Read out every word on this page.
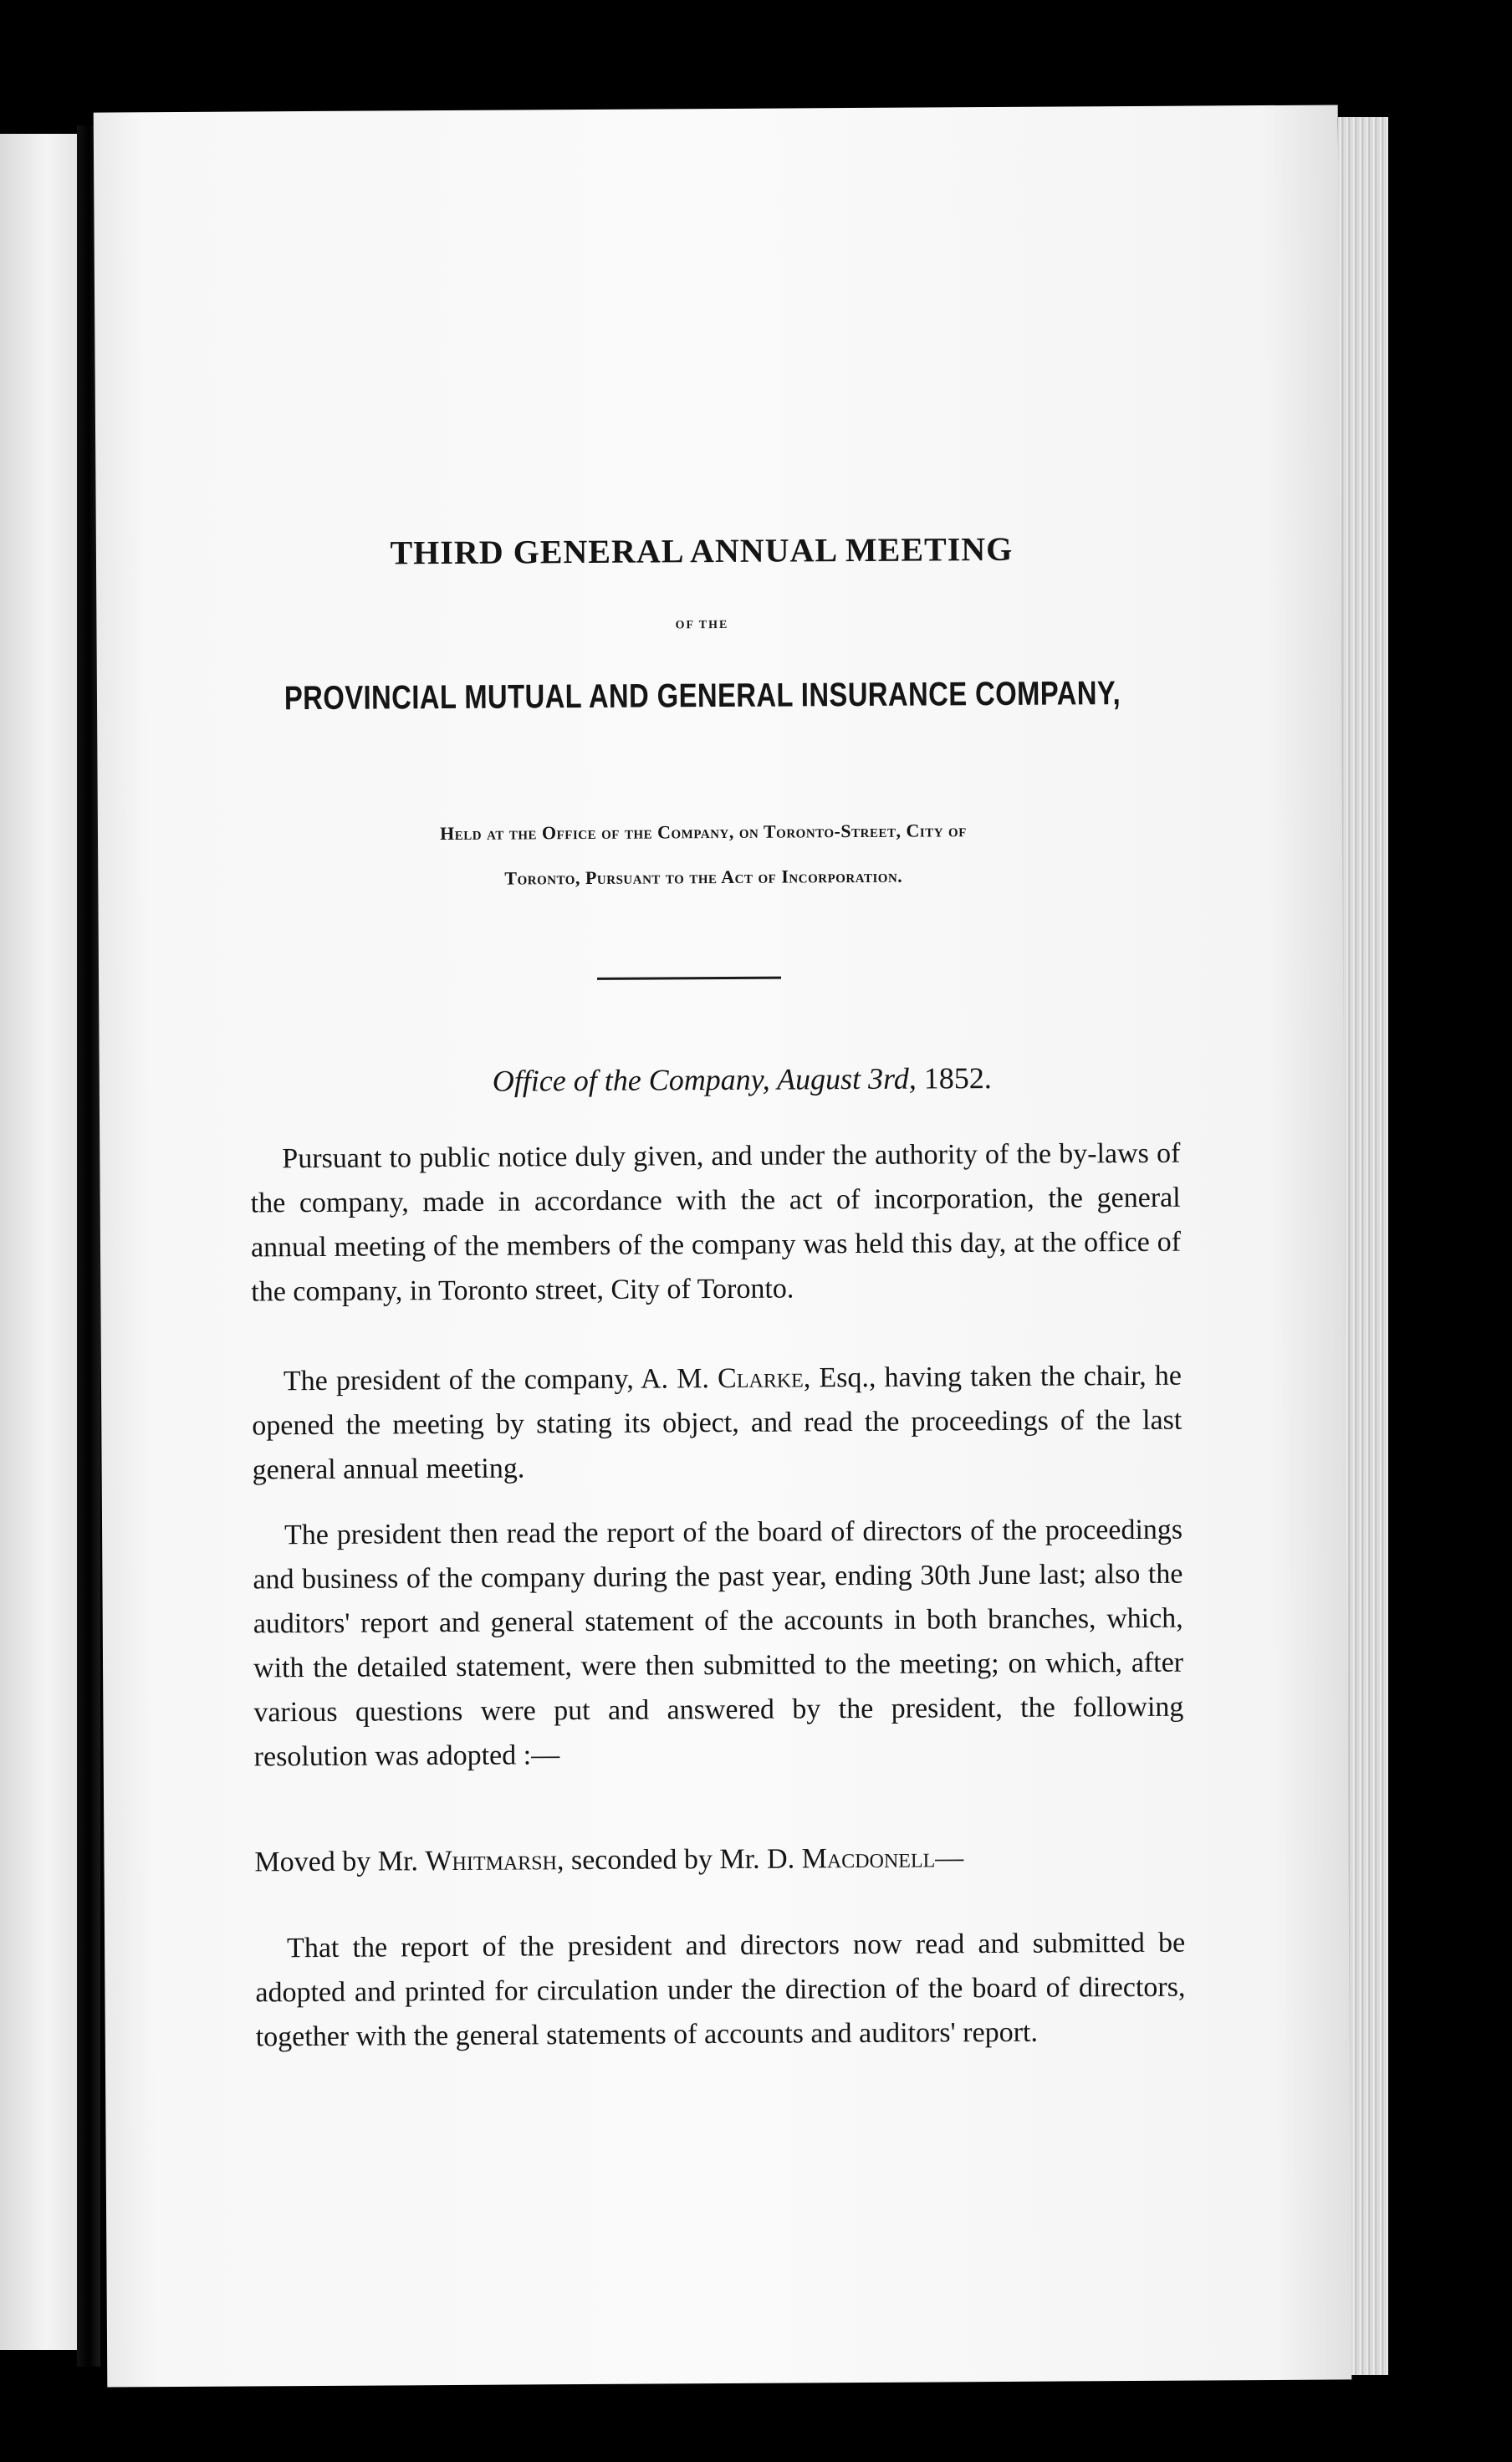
THIRD GENERAL ANNUAL MEETING
OF THE
PROVINCIAL MUTUAL AND GENERAL INSURANCE COMPANY,
Held at the Office of the Company, on Toronto-Street, City of
Toronto, Pursuant to the Act of Incorporation.
Office of the Company, August 3rd, 1852.
Pursuant to public notice duly given, and under the authority of the by-laws of the company, made in accordance with the act of incorporation, the general annual meeting of the members of the company was held this day, at the office of the company, in Toronto street, City of Toronto.
The president of the company, A. M. Clarke, Esq., having taken the chair, he opened the meeting by stating its object, and read the proceedings of the last general annual meeting.
The president then read the report of the board of directors of the proceedings and business of the company during the past year, ending 30th June last; also the auditors' report and general statement of the accounts in both branches, which, with the detailed statement, were then submitted to the meeting; on which, after various questions were put and answered by the president, the following resolution was adopted :—
Moved by Mr. Whitmarsh, seconded by Mr. D. Macdonell—
That the report of the president and directors now read and submitted be adopted and printed for circulation under the direction of the board of directors, together with the general statements of accounts and auditors' report.
